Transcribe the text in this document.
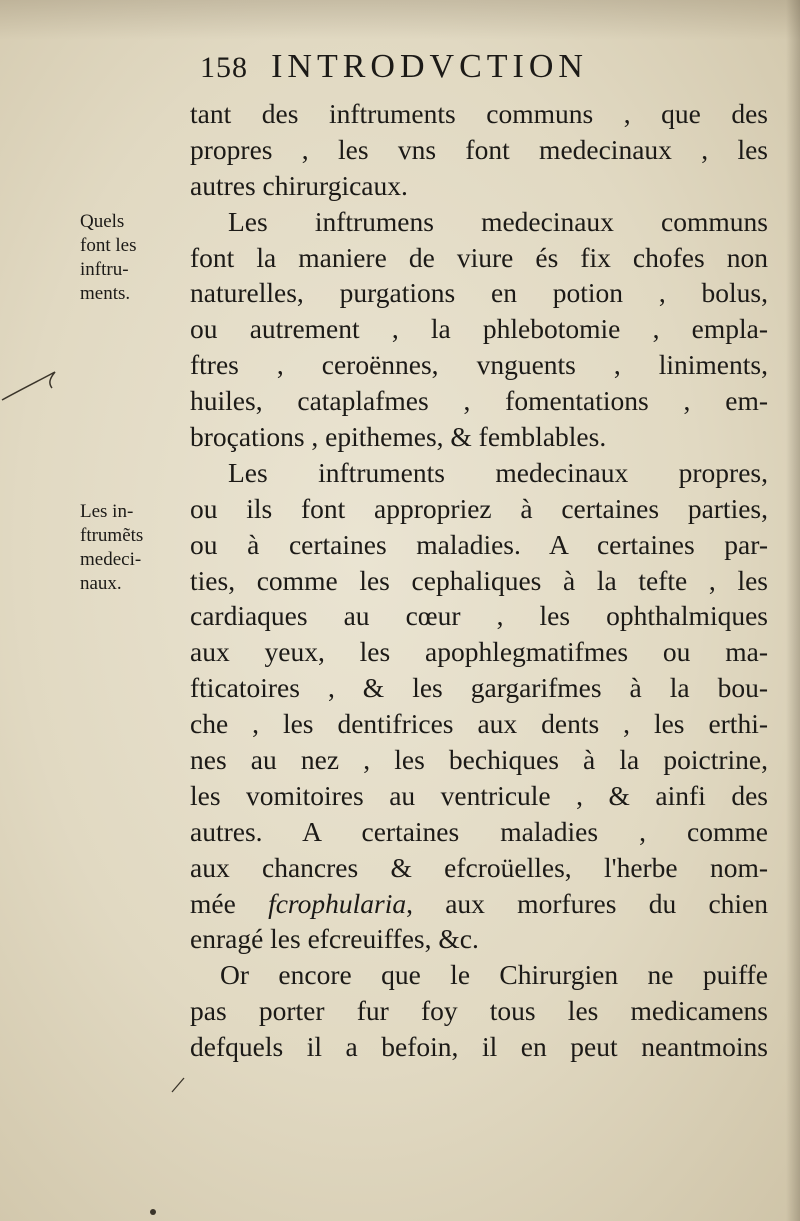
158 INTRODVCTION
Quels
font les
inftru-
ments.
Les in-
ftrumẽts
medeci-
naux.
tant des inftruments communs , que des
propres , les vns font medecinaux , les
autres chirurgicaux.
Les inftrumens medecinaux communs
font la maniere de viure és fix chofes non
naturelles, purgations en potion , bolus,
ou autrement , la phlebotomie , empla-
ftres , ceroënnes, vnguents , liniments,
huiles, cataplafmes , fomentations , em-
broçations , epithemes, & femblables.
Les inftruments medecinaux propres,
ou ils font appropriez à certaines parties,
ou à certaines maladies. A certaines par-
ties, comme les cephaliques à la tefte , les
cardiaques au cœur , les ophthalmiques
aux yeux, les apophlegmatifmes ou ma-
fticatoires , & les gargarifmes à la bou-
che , les dentifrices aux dents , les erthi-
nes au nez , les bechiques à la poictrine,
les vomitoires au ventricule , & ainfi des
autres. A certaines maladies , comme
aux chancres & efcroüelles, l'herbe nom-
mée fcrophularia, aux morfures du chien
enragé les efcreuiffes, &c.
Or encore que le Chirurgien ne puiffe
pas porter fur foy tous les medicamens
defquels il a befoin, il en peut neantmoins
